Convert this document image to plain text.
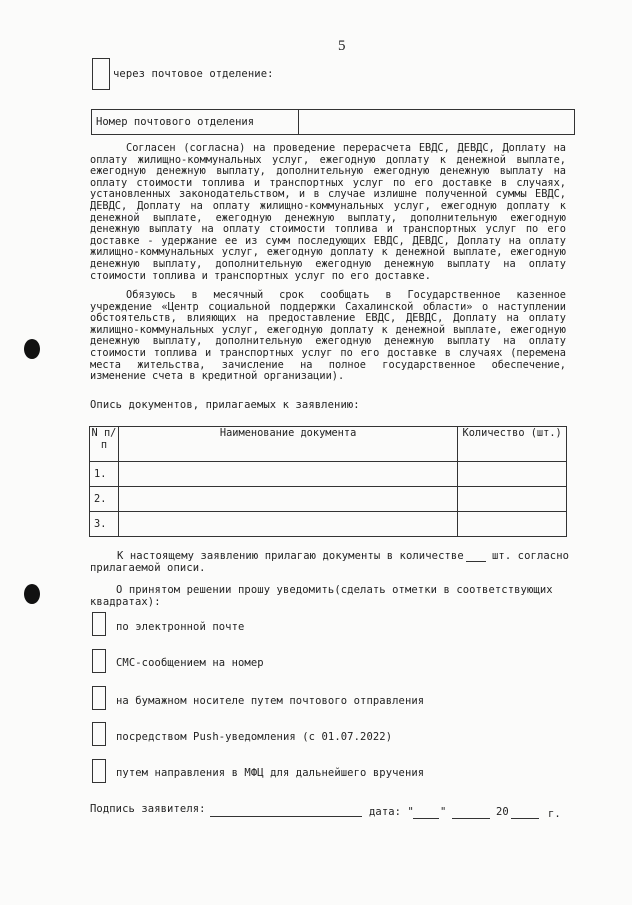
5
через почтовое отделение:
Номер почтового отделения

Согласен (согласна) на проведение перерасчета ЕВДС, ДЕВДС, Доплату на оплату жилищно-коммунальных услуг, ежегодную доплату к денежной выплате, ежегодную денежную выплату, дополнительную ежегодную денежную выплату на оплату стоимости топлива и транспортных услуг по его доставке в случаях, установленных законодательством, и в случае излишне полученной суммы ЕВДС, ДЕВДС, Доплату на оплату жилищно-коммунальных услуг, ежегодную доплату к денежной выплате, ежегодную денежную выплату, дополнительную ежегодную денежную выплату на оплату стоимости топлива и транспортных услуг по его доставке - удержание ее из сумм последующих ЕВДС, ДЕВДС, Доплату на оплату жилищно-коммунальных услуг, ежегодную доплату к денежной выплате, ежегодную денежную выплату, дополнительную ежегодную денежную выплату на оплату стоимости топлива и транспортных услуг по его доставке.

Обязуюсь в месячный срок сообщать в Государственное казенное учреждение «Центр социальной поддержки Сахалинской области» о наступлении обстоятельств, влияющих на предоставление ЕВДС, ДЕВДС, Доплату на оплату жилищно-коммунальных услуг, ежегодную доплату к денежной выплате, ежегодную денежную выплату, дополнительную ежегодную денежную выплату на оплату стоимости топлива и транспортных услуг по его доставке в случаях (перемена места жительства, зачисление на полное государственное обеспечение, изменение счета в кредитной организации).

Опись документов, прилагаемых к заявлению:
N п/п	Наименование документа	Количество (шт.)
1.		
2.		
3.		
К настоящему заявлению прилагаю документы в количестве	шт. согласно
прилагаемой описи.
О принятом решении прошу уведомить(сделать отметки в соответствующих квадратах):
по электронной почте
СМС-сообщением на номер
на бумажном носителе путем почтового отправления
посредством Push-уведомления (с 01.07.2022)
путем направления в МФЦ для дальнейшего вручения
Подпись заявителя:	дата: " "	20	г.
